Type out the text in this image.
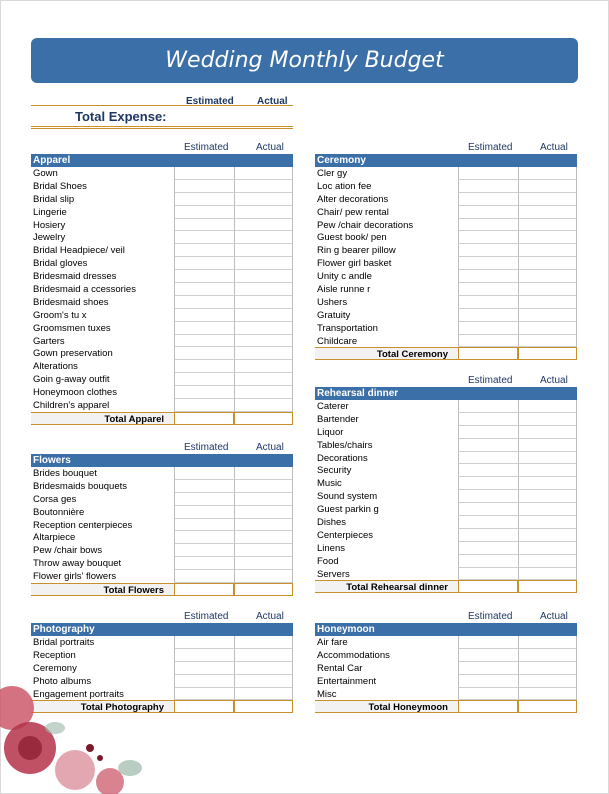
Wedding Monthly Budget
Estimated Actual
Total Expense:
Estimated	Actual
Apparel
Gown
Bridal Shoes
Bridal slip
Lingerie
Hosiery
Jewelry
Bridal Headpiece/ veil
Bridal gloves
Bridesmaid dresses
Bridesmaid a ccessories
Bridesmaid shoes
Groom's tu x
Groomsmen tuxes
Garters
Gown preservation
Alterations
Goin g-away outfit
Honeymoon clothes
Children's apparel
Total Apparel
Estimated	Actual
Ceremony
Cler gy
Loc ation fee
Alter decorations
Chair/ pew rental
Pew /chair decorations
Guest book/ pen
Rin g bearer pillow
Flower girl basket
Unity c andle
Aisle runne r
Ushers
Gratuity
Transportation
Childcare
Total Ceremony
Estimated	Actual
Rehearsal dinner
Caterer
Bartender
Liquor
Tables/chairs
Decorations
Security
Music
Sound system
Guest parkin g
Dishes
Centerpieces
Linens
Food
Servers
Total Rehearsal dinner
Estimated	Actual
Flowers
Brides bouquet
Bridesmaids bouquets
Corsa ges
Boutonnière
Reception centerpieces
Altarpiece
Pew /chair bows
Throw away bouquet
Flower girls' flowers
Total Flowers
Estimated	Actual
Photography
Bridal portraits
Reception
Ceremony
Photo albums
Engagement portraits
Total Photography
Estimated	Actual
Honeymoon
Air fare
Accommodations
Rental Car
Entertainment
Misc
Total Honeymoon
